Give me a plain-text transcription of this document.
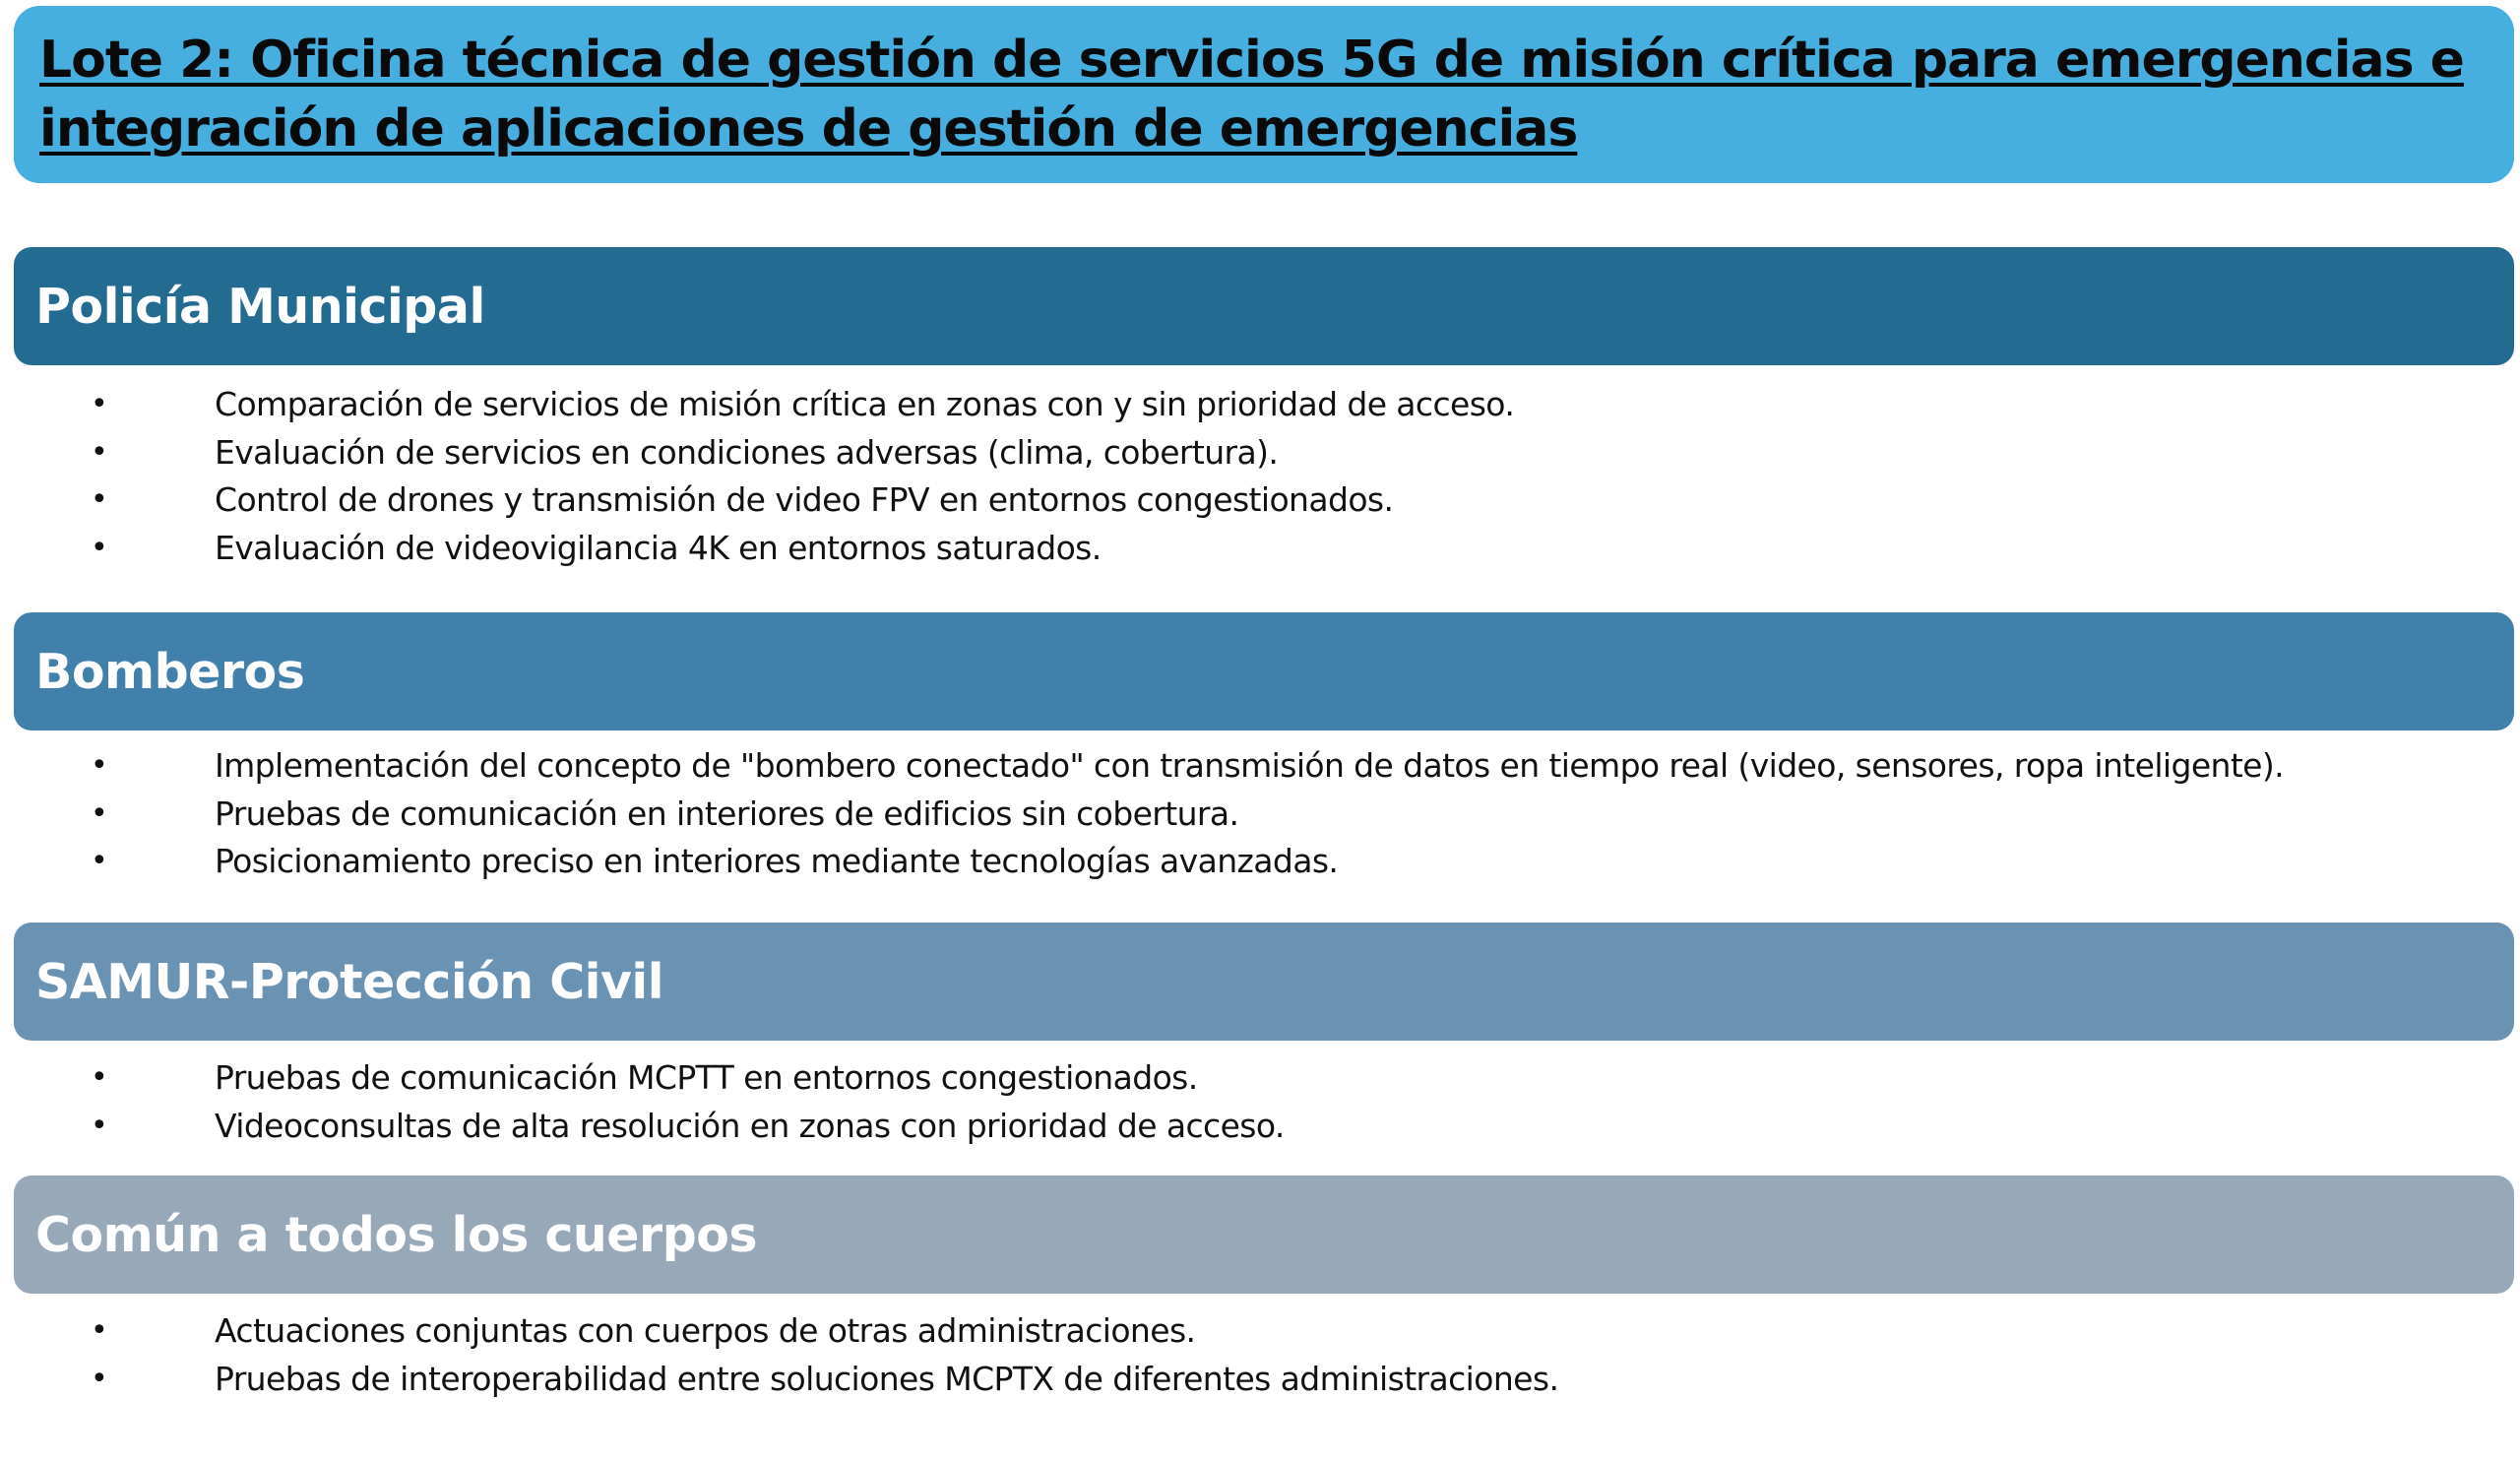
Lote 2: Oficina técnica de gestión de servicios 5G de misión crítica para emergencias e integración de aplicaciones de gestión de emergencias
Policía Municipal
•	Comparación de servicios de misión crítica en zonas con y sin prioridad de acceso.
•	Evaluación de servicios en condiciones adversas (clima, cobertura).
•	Control de drones y transmisión de video FPV en entornos congestionados.
•	Evaluación de videovigilancia 4K en entornos saturados.
Bomberos
•	Implementación del concepto de "bombero conectado" con transmisión de datos en tiempo real (video, sensores, ropa inteligente).
•	Pruebas de comunicación en interiores de edificios sin cobertura.
•	Posicionamiento preciso en interiores mediante tecnologías avanzadas.
SAMUR-Protección Civil
•	Pruebas de comunicación MCPTT en entornos congestionados.
•	Videoconsultas de alta resolución en zonas con prioridad de acceso.
Común a todos los cuerpos
•	Actuaciones conjuntas con cuerpos de otras administraciones.
•	Pruebas de interoperabilidad entre soluciones MCPTX de diferentes administraciones.
